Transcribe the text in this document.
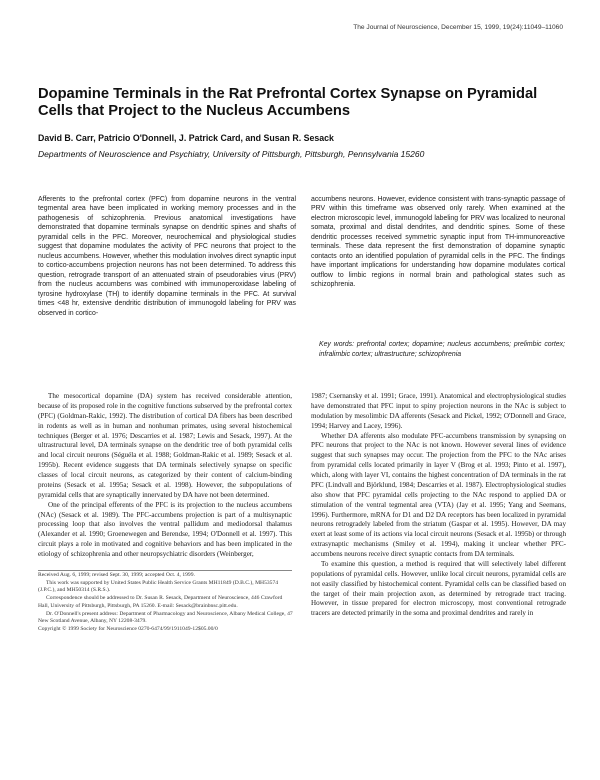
The Journal of Neuroscience, December 15, 1999, 19(24):11049–11060
Dopamine Terminals in the Rat Prefrontal Cortex Synapse on Pyramidal Cells that Project to the Nucleus Accumbens

David B. Carr, Patricio O'Donnell, J. Patrick Card, and Susan R. Sesack

Departments of Neuroscience and Psychiatry, University of Pittsburgh, Pittsburgh, Pennsylvania 15260

Afferents to the prefrontal cortex (PFC) from dopamine neurons in the ventral tegmental area have been implicated in working memory processes and in the pathogenesis of schizophrenia. Previous anatomical investigations have demonstrated that dopamine terminals synapse on dendritic spines and shafts of pyramidal cells in the PFC. Moreover, neurochemical and physiological studies suggest that dopamine modulates the activity of PFC neurons that project to the nucleus accumbens. However, whether this modulation involves direct synaptic input to cortico-accumbens projection neurons has not been determined. To address this question, retrograde transport of an attenuated strain of pseudorabies virus (PRV) from the nucleus accumbens was combined with immunoperoxidase labeling of tyrosine hydroxylase (TH) to identify dopamine terminals in the PFC. At survival times <48 hr, extensive dendritic distribution of immunogold labeling for PRV was observed in cortico-

accumbens neurons. However, evidence consistent with trans-synaptic passage of PRV within this timeframe was observed only rarely. When examined at the electron microscopic level, immunogold labeling for PRV was localized to neuronal somata, proximal and distal dendrites, and dendritic spines. Some of these dendritic processes received symmetric synaptic input from TH-immunoreactive terminals. These data represent the first demonstration of dopamine synaptic contacts onto an identified population of pyramidal cells in the PFC. The findings have important implications for understanding how dopamine modulates cortical outflow to limbic regions in normal brain and pathological states such as schizophrenia.

Key words: prefrontal cortex; dopamine; nucleus accumbens; prelimbic cortex; infralimbic cortex; ultrastructure; schizophrenia

The mesocortical dopamine (DA) system has received considerable attention, because of its proposed role in the cognitive functions subserved by the prefrontal cortex (PFC) (Goldman-Rakic, 1992). The distribution of cortical DA fibers has been described in rodents as well as in human and nonhuman primates, using several histochemical techniques (Berger et al. 1976; Descarries et al. 1987; Lewis and Sesack, 1997). At the ultrastructural level, DA terminals synapse on the dendritic tree of both pyramidal cells and local circuit neurons (Séguéla et al. 1988; Goldman-Rakic et al. 1989; Sesack et al. 1995b). Recent evidence suggests that DA terminals selectively synapse on specific classes of local circuit neurons, as categorized by their content of calcium-binding proteins (Sesack et al. 1995a; Sesack et al. 1998). However, the subpopulations of pyramidal cells that are synaptically innervated by DA have not been determined.

One of the principal efferents of the PFC is its projection to the nucleus accumbens (NAc) (Sesack et al. 1989). The PFC-accumbens projection is part of a multisynaptic processing loop that also involves the ventral pallidum and mediodorsal thalamus (Alexander et al. 1990; Groenewegen and Berendse, 1994; O'Donnell et al. 1997). This circuit plays a role in motivated and cognitive behaviors and has been implicated in the etiology of schizophrenia and other neuropsychiatric disorders (Weinberger,

1987; Csernansky et al. 1991; Grace, 1991). Anatomical and electrophysiological studies have demonstrated that PFC input to spiny projection neurons in the NAc is subject to modulation by mesolimbic DA afferents (Sesack and Pickel, 1992; O'Donnell and Grace, 1994; Harvey and Lacey, 1996).

Whether DA afferents also modulate PFC-accumbens transmission by synapsing on PFC neurons that project to the NAc is not known. However several lines of evidence suggest that such synapses may occur. The projection from the PFC to the NAc arises from pyramidal cells located primarily in layer V (Brog et al. 1993; Pinto et al. 1997), which, along with layer VI, contains the highest concentration of DA terminals in the rat PFC (Lindvall and Björklund, 1984; Descarries et al. 1987). Electrophysiological studies also show that PFC pyramidal cells projecting to the NAc respond to applied DA or stimulation of the ventral tegmental area (VTA) (Jay et al. 1995; Yang and Seemans, 1996). Furthermore, mRNA for D1 and D2 DA receptors has been localized in pyramidal neurons retrogradely labeled from the striatum (Gaspar et al. 1995). However, DA may exert at least some of its actions via local circuit neurons (Sesack et al. 1995b) or through extrasynaptic mechanisms (Smiley et al. 1994), making it unclear whether PFC-accumbens neurons receive direct synaptic contacts from DA terminals.

To examine this question, a method is required that will selectively label different populations of pyramidal cells. However, unlike local circuit neurons, pyramidal cells are not easily classified by histochemical content. Pyramidal cells can be classified based on the target of their main projection axon, as determined by retrograde tract tracing. However, in tissue prepared for electron microscopy, most conventional retrograde tracers are detected primarily in the soma and proximal dendrites and rarely in

Received Aug. 6, 1999; revised Sept. 30, 1999; accepted Oct. 4, 1999.

This work was supported by United States Public Health Service Grants MH11849 (D.B.C.), MH53574 (J.P.C.), and MH50314 (S.R.S.).

Correspondence should be addressed to Dr. Susan R. Sesack, Department of Neuroscience, 446 Crawford Hall, University of Pittsburgh, Pittsburgh, PA 15260. E-mail: Sesack@brainbnsc.pitt.edu.

Dr. O'Donnell's present address: Department of Pharmacology and Neuroscience, Albany Medical College, 47 New Scotland Avenue, Albany, NY 12208-3479.

Copyright © 1999 Society for Neuroscience 0270-6474/99/1911049-12$05.00/0
